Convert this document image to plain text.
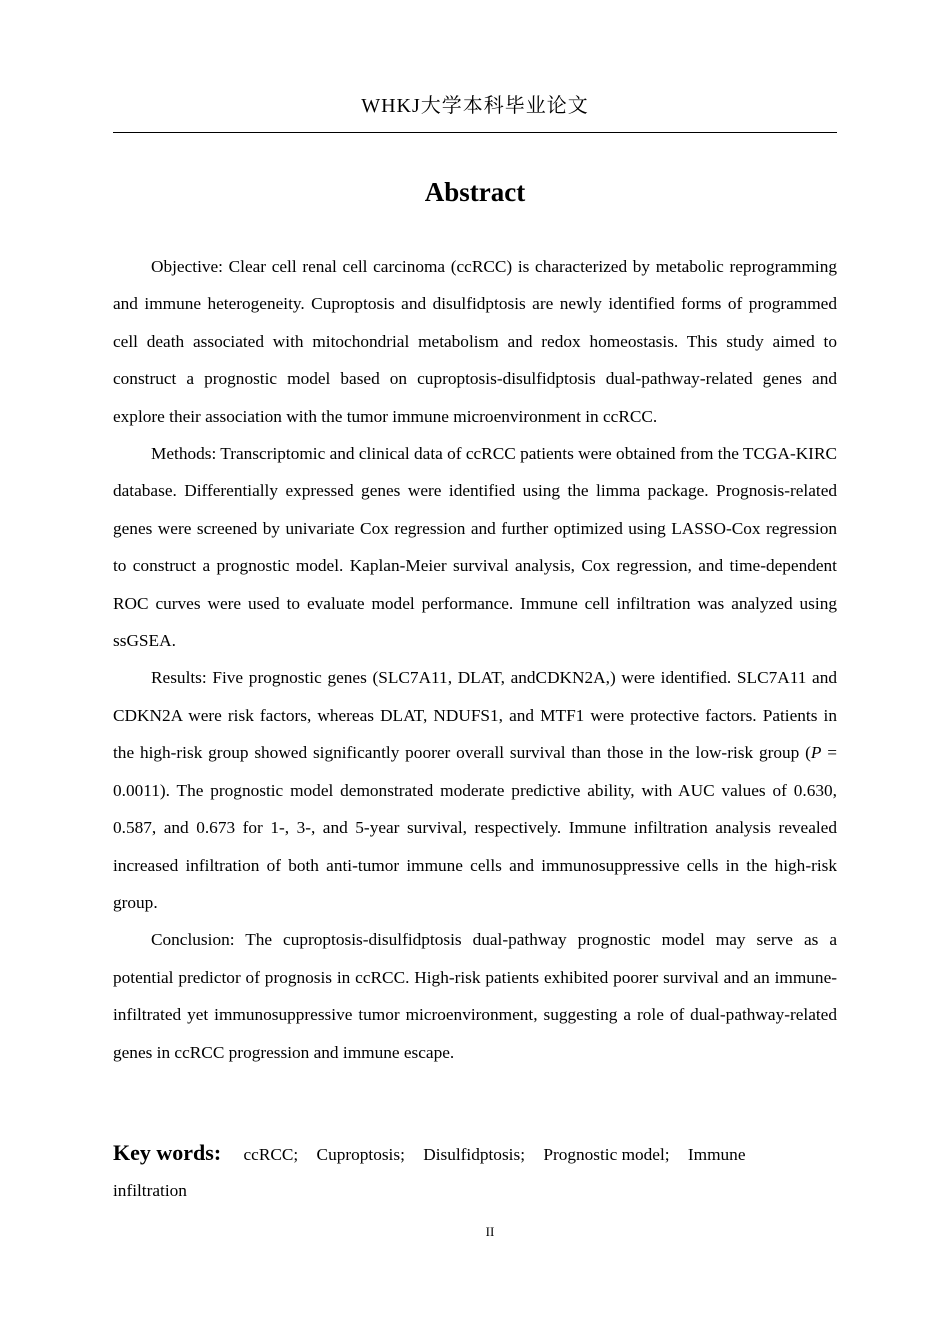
WHKJ大学本科毕业论文
Abstract

Objective: Clear cell renal cell carcinoma (ccRCC) is characterized by metabolic reprogramming and immune heterogeneity. Cuproptosis and disulfidptosis are newly identified forms of programmed cell death associated with mitochondrial metabolism and redox homeostasis. This study aimed to construct a prognostic model based on cuproptosis-disulfidptosis dual-pathway-related genes and explore their association with the tumor immune microenvironment in ccRCC.

Methods: Transcriptomic and clinical data of ccRCC patients were obtained from the TCGA-KIRC database. Differentially expressed genes were identified using the limma package. Prognosis-related genes were screened by univariate Cox regression and further optimized using LASSO-Cox regression to construct a prognostic model. Kaplan-Meier survival analysis, Cox regression, and time-dependent ROC curves were used to evaluate model performance. Immune cell infiltration was analyzed using ssGSEA.

Results: Five prognostic genes (SLC7A11, DLAT, andCDKN2A,) were identified. SLC7A11 and CDKN2A were risk factors, whereas DLAT, NDUFS1, and MTF1 were protective factors. Patients in the high-risk group showed significantly poorer overall survival than those in the low-risk group (P = 0.0011). The prognostic model demonstrated moderate predictive ability, with AUC values of 0.630, 0.587, and 0.673 for 1-, 3-, and 5-year survival, respectively. Immune infiltration analysis revealed increased infiltration of both anti-tumor immune cells and immunosuppressive cells in the high-risk group.

Conclusion: The cuproptosis-disulfidptosis dual-pathway prognostic model may serve as a potential predictor of prognosis in ccRCC. High-risk patients exhibited poorer survival and an immune-infiltrated yet immunosuppressive tumor microenvironment, suggesting a role of dual-pathway-related genes in ccRCC progression and immune escape.

Key words: ccRCC; Cuproptosis; Disulfidptosis; Prognostic model; Immune infiltration
II
